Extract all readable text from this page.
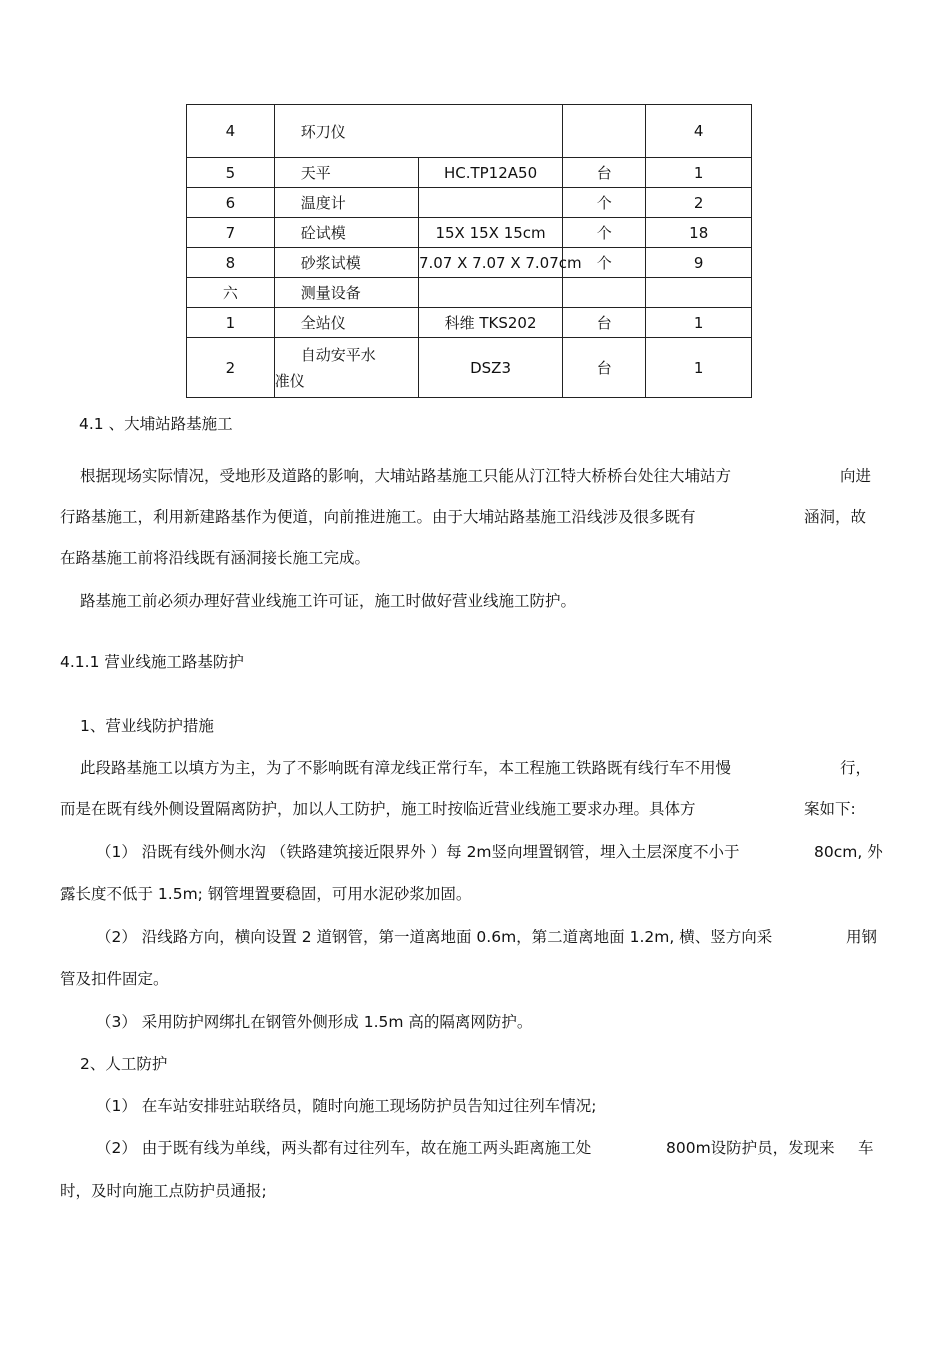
4	环刀仪			4
5	天平	HC.TP12A50	台	1
6	温度计		个	2
7	砼试模	15X 15X 15cm	个	18
8	砂浆试模	7.07 X 7.07 X 7.07cm	个	9
六	测量设备			
1	全站仪	科维 TKS202	台	1
2	自动安平水准仪	DSZ3	台	1
4.1 、大埔站路基施工
根据现场实际情况，受地形及道路的影响，大埔站路基施工只能从汀江特大桥桥台处往大埔站方	向进
行路基施工，利用新建路基作为便道，向前推进施工。由于大埔站路基施工沿线涉及很多既有	涵洞，故
在路基施工前将沿线既有涵洞接长施工完成。
路基施工前必须办理好营业线施工许可证，施工时做好营业线施工防护。
4.1.1 营业线施工路基防护
1、营业线防护措施
此段路基施工以填方为主，为了不影响既有漳龙线正常行车，本工程施工铁路既有线行车不用慢	行，
而是在既有线外侧设置隔离防护，加以人工防护，施工时按临近营业线施工要求办理。具体方	案如下:
（1） 沿既有线外侧水沟 （铁路建筑接近限界外 ）每 2m竖向埋置钢管，埋入土层深度不小于	80cm, 外
露长度不低于 1.5m; 钢管埋置要稳固，可用水泥砂浆加固。
（2） 沿线路方向，横向设置 2 道钢管，第一道离地面 0.6m，第二道离地面 1.2m, 横、竖方向采	用钢
管及扣件固定。
（3） 采用防护网绑扎在钢管外侧形成 1.5m 高的隔离网防护。
2、人工防护
（1） 在车站安排驻站联络员，随时向施工现场防护员告知过往列车情况;
（2） 由于既有线为单线，两头都有过往列车，故在施工两头距离施工处	800m设防护员，发现来 车
时，及时向施工点防护员通报;
